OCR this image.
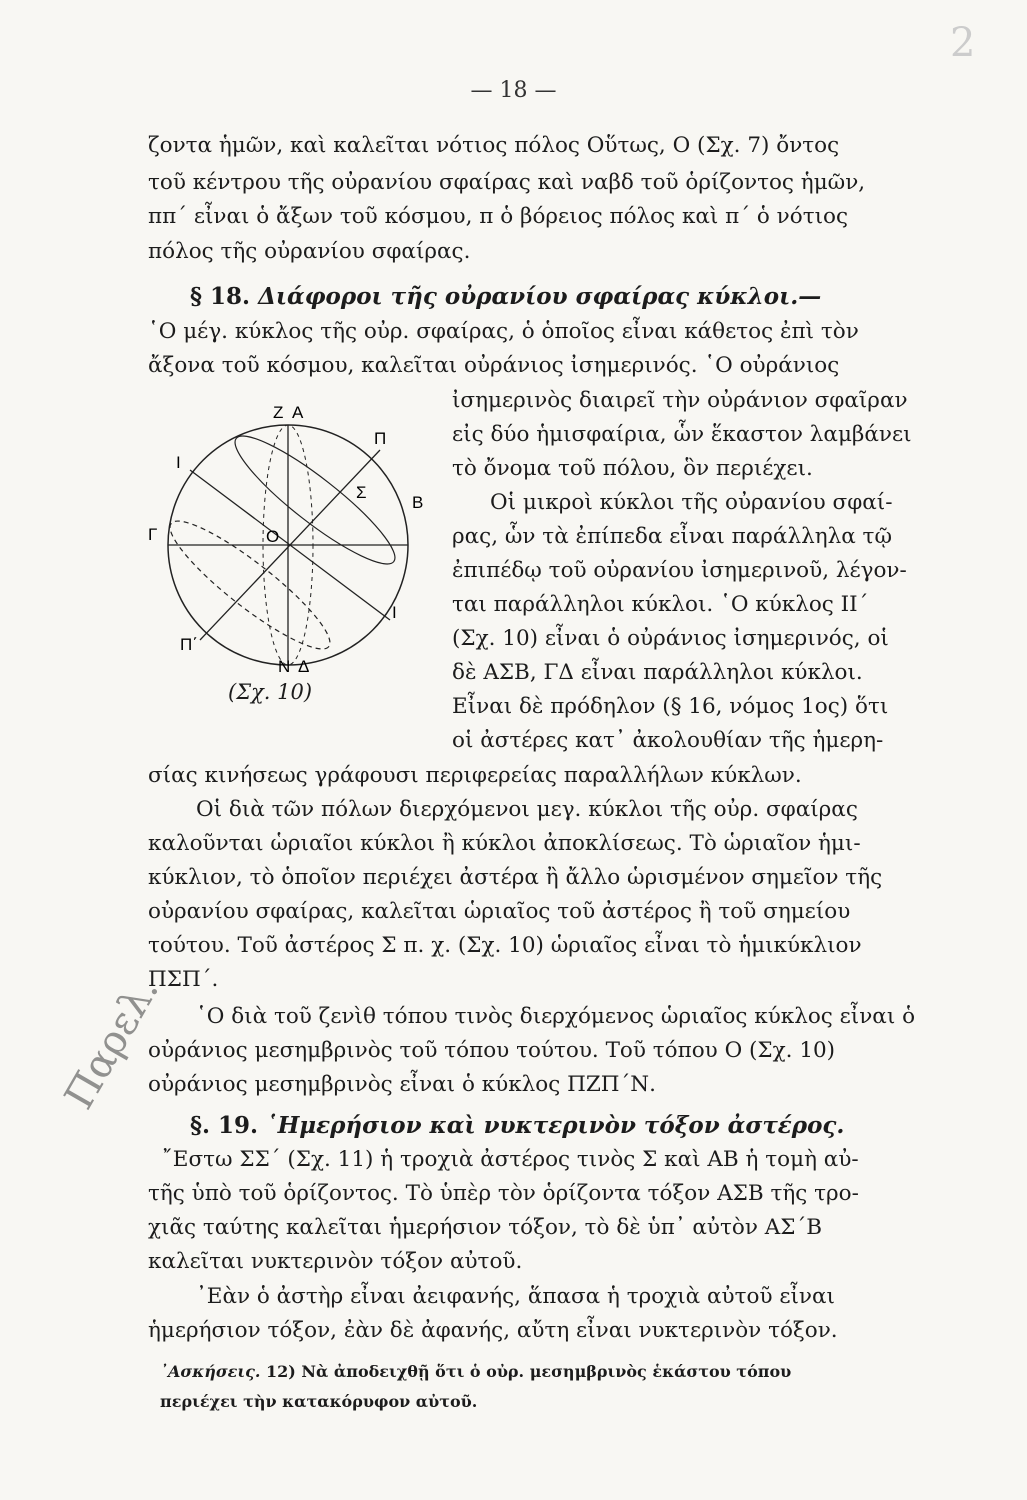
2
— 18 —
ζοντα ἡμῶν, καὶ καλεῖται νότιος πόλος Οὕτως, Ο (Σχ. 7) ὄντος
τοῦ κέντρου τῆς οὐρανίου σφαίρας καὶ ναβδ τοῦ ὁρίζοντος ἡμῶν,
ππ΄ εἶναι ὁ ἄξων τοῦ κόσμου, π ὁ βόρειος πόλος καὶ π΄ ὁ νότιος
πόλος τῆς οὐρανίου σφαίρας.
§ 18. Διάφοροι τῆς οὐρανίου σφαίρας κύκλοι.—
῾Ο μέγ. κύκλος τῆς οὐρ. σφαίρας, ὁ ὁποῖος εἶναι κάθετος ἐπὶ τὸν
ἄξονα τοῦ κόσμου, καλεῖται οὐράνιος ἰσημερινός. ῾Ο οὐράνιος
ἰσημερινὸς διαιρεῖ τὴν οὐράνιον σφαῖραν
εἰς δύο ἡμισφαίρια, ὧν ἕκαστον λαμβάνει
τὸ ὄνομα τοῦ πόλου, ὃν περιέχει.
Οἱ μικροὶ κύκλοι τῆς οὐρανίου σφαί-
ρας, ὧν τὰ ἐπίπεδα εἶναι παράλληλα τῷ
ἐπιπέδῳ τοῦ οὐρανίου ἰσημερινοῦ, λέγον-
ται παράλληλοι κύκλοι. ῾Ο κύκλος ΙΙ΄
(Σχ. 10) εἶναι ὁ οὐράνιος ἰσημερινός, οἱ
δὲ ΑΣΒ, ΓΔ εἶναι παράλληλοι κύκλοι.
Εἶναι δὲ πρόδηλον (§ 16, νόμος 1ος) ὅτι
οἱ ἀστέρες κατ᾽ ἀκολουθίαν τῆς ἡμερη-
Ζ Α
Π
Ι
Σ
Β
Γ	Ο
Ι
Π΄
Ν Δ
(Σχ. 10)
σίας κινήσεως γράφουσι περιφερείας παραλλήλων κύκλων.
Οἱ διὰ τῶν πόλων διερχόμενοι μεγ. κύκλοι τῆς οὐρ. σφαίρας
καλοῦνται ὡριαῖοι κύκλοι ἢ κύκλοι ἀποκλίσεως. Τὸ ὡριαῖον ἡμι-
κύκλιον, τὸ ὁποῖον περιέχει ἀστέρα ἢ ἄλλο ὡρισμένον σημεῖον τῆς
οὐρανίου σφαίρας, καλεῖται ὡριαῖος τοῦ ἀστέρος ἢ τοῦ σημείου
τούτου. Τοῦ ἀστέρος Σ π. χ. (Σχ. 10) ὡριαῖος εἶναι τὸ ἡμικύκλιον
ΠΣΠ΄.
῾Ο διὰ τοῦ ζενὶθ τόπου τινὸς διερχόμενος ὡριαῖος κύκλος εἶναι ὁ
οὐράνιος μεσημβρινὸς τοῦ τόπου τούτου. Τοῦ τόπου Ο (Σχ. 10)
οὐράνιος μεσημβρινὸς εἶναι ὁ κύκλος ΠΖΠ΄Ν.
§. 19. ῾Ημερήσιον καὶ νυκτερινὸν τόξον ἀστέρος.
῎Εστω ΣΣ΄ (Σχ. 11) ἡ τροχιὰ ἀστέρος τινὸς Σ καὶ ΑΒ ἡ τομὴ αὐ-
τῆς ὑπὸ τοῦ ὁρίζοντος. Τὸ ὑπὲρ τὸν ὁρίζοντα τόξον ΑΣΒ τῆς τρο-
χιᾶς ταύτης καλεῖται ἡμερήσιον τόξον, τὸ δὲ ὑπ᾽ αὐτὸν ΑΣ΄Β
καλεῖται νυκτερινὸν τόξον αὐτοῦ.
᾽Εὰν ὁ ἀστὴρ εἶναι ἀειφανής, ἅπασα ἡ τροχιὰ αὐτοῦ εἶναι
ἡμερήσιον τόξον, ἐὰν δὲ ἀφανής, αὔτη εἶναι νυκτερινὸν τόξον.
᾽Ασκήσεις. 12) Νὰ ἀποδειχθῇ ὅτι ὁ οὐρ. μεσημβρινὸς ἑκάστου τόπου
περιέχει τὴν κατακόρυφον αὐτοῦ.
Παρελ.
